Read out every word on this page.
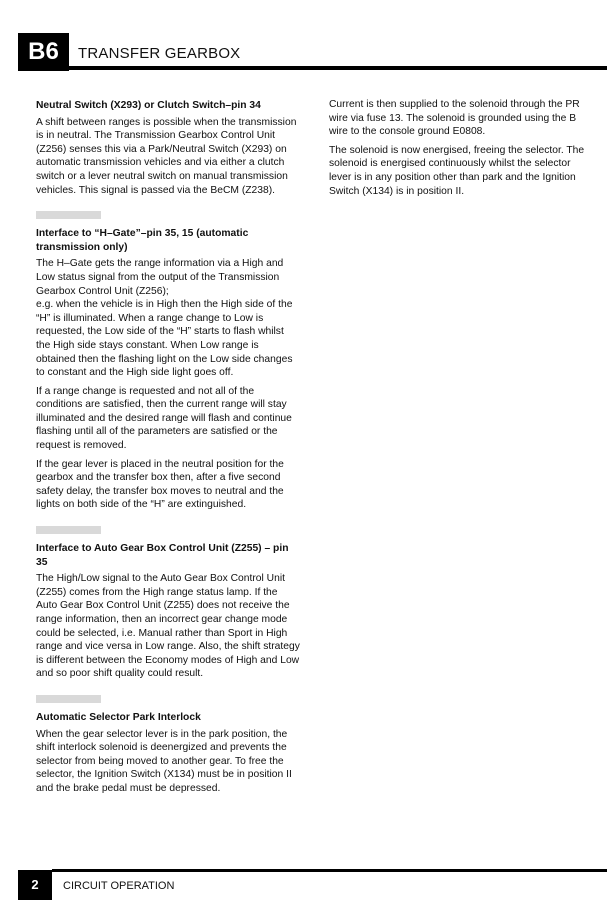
B6	TRANSFER GEARBOX
Neutral Switch (X293) or Clutch Switch–pin 34

A shift between ranges is possible when the transmission is in neutral. The Transmission Gearbox Control Unit (Z256) senses this via a Park/Neutral Switch (X293) on automatic transmission vehicles and via either a clutch switch or a lever neutral switch on manual transmission vehicles. This signal is passed via the BeCM (Z238).

Interface to “H–Gate”–pin 35, 15 (automatic transmission only)

The H–Gate gets the range information via a High and Low status signal from the output of the Transmission Gearbox Control Unit (Z256);

e.g. when the vehicle is in High then the High side of the “H” is illuminated. When a range change to Low is requested, the Low side of the “H” starts to flash whilst the High side stays constant. When Low range is obtained then the flashing light on the Low side changes to constant and the High side light goes off.

If a range change is requested and not all of the conditions are satisfied, then the current range will stay illuminated and the desired range will flash and continue flashing until all of the parameters are satisfied or the request is removed.

If the gear lever is placed in the neutral position for the gearbox and the transfer box then, after a five second safety delay, the transfer box moves to neutral and the lights on both side of the “H” are extinguished.

Interface to Auto Gear Box Control Unit (Z255) – pin 35

The High/Low signal to the Auto Gear Box Control Unit (Z255) comes from the High range status lamp. If the Auto Gear Box Control Unit (Z255) does not receive the range information, then an incorrect gear change mode could be selected, i.e. Manual rather than Sport in High range and vice versa in Low range. Also, the shift strategy is different between the Economy modes of High and Low and so poor shift quality could result.

Automatic Selector Park Interlock

When the gear selector lever is in the park position, the shift interlock solenoid is deenergized and prevents the selector from being moved to another gear. To free the selector, the Ignition Switch (X134) must be in position II and the brake pedal must be depressed.

Current is then supplied to the solenoid through the PR wire via fuse 13. The solenoid is grounded using the B wire to the console ground E0808.

The solenoid is now energised, freeing the selector. The solenoid is energised continuously whilst the selector lever is in any position other than park and the Ignition Switch (X134) is in position II.

2	CIRCUIT OPERATION
